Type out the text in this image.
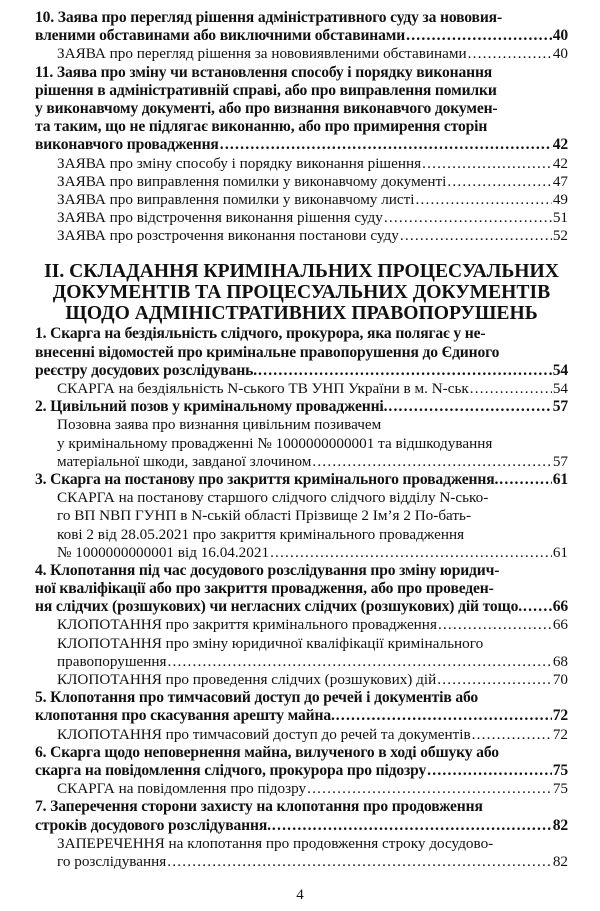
10. Заява про перегляд рішення адміністративного суду за нововия-
вленими обставинами або виключними обставинами .....	40
ЗАЯВА про перегляд рішення за нововиявленими обставинами .....	40
11. Заява про зміну чи встановлення способу і порядку виконання
рішення в адміністративній справі, або про виправлення помилки
у виконавчому документі, або про визнання виконавчого докумен-
та таким, що не підлягає виконанню, або про примирення сторін
виконавчого провадження .....	42
ЗАЯВА про зміну способу і порядку виконання рішення .....	42
ЗАЯВА про виправлення помилки у виконавчому документі .....	47
ЗАЯВА про виправлення помилки у виконавчому листі .....	49
ЗАЯВА про відстрочення виконання рішення суду .....	51
ЗАЯВА про розстрочення виконання постанови суду .....	52
ІІ. СКЛАДАННЯ КРИМІНАЛЬНИХ ПРОЦЕСУАЛЬНИХ
ДОКУМЕНТІВ ТА ПРОЦЕСУАЛЬНИХ ДОКУМЕНТІВ
ЩОДО АДМІНІСТРАТИВНИХ ПРАВОПОРУШЕНЬ
1. Скарга на бездіяльність слідчого, прокурора, яка полягає у не-
внесенні відомостей про кримінальне правопорушення до Єдиного
реєстру досудових розслідувань. .....	54
СКАРГА на бездіяльність N-ського ТВ УНП України в м. N-ськ .....	54
2. Цивільний позов у кримінальному провадженні. .....	57
Позовна заява про визнання цивільним позивачем
у кримінальному провадженні № 1000000000001 та відшкодування
матеріальної шкоди, завданої злочином .....	57
3. Скарга на постанову про закриття кримінального провадження. .....	61
СКАРГА на постанову старшого слідчого слідчого відділу N-сько-
го ВП NВП ГУНП в N-ській області Прізвище 2 Ім’я 2 По-бать-
кові 2 від 28.05.2021 про закриття кримінального провадження
№ 1000000000001 від 16.04.2021 .....	61
4. Клопотання під час досудового розслідування про зміну юридич-
ної кваліфікації або про закриття провадження, або про проведен-
ня слідчих (розшукових) чи негласних слідчих (розшукових) дій тощо. ..... 66
КЛОПОТАННЯ про закриття кримінального провадження .....	66
КЛОПОТАННЯ про зміну юридичної кваліфікації кримінального
правопорушення .....	68
КЛОПОТАННЯ про проведення слідчих (розшукових) дій .....	70
5. Клопотання про тимчасовий доступ до речей і документів або
клопотання про скасування арешту майна. .....	72
КЛОПОТАННЯ про тимчасовий доступ до речей та документів .....	72
6. Скарга щодо неповернення майна, вилученого в ході обшуку або
скарга на повідомлення слідчого, прокурора про підозру .....	75
СКАРГА на повідомлення про підозру .....	75
7. Заперечення сторони захисту на клопотання про продовження
строків досудового розслідування. .....	82
ЗАПЕРЕЧЕННЯ на клопотання про продовження строку досудово-
го розслідування .....	82
4
